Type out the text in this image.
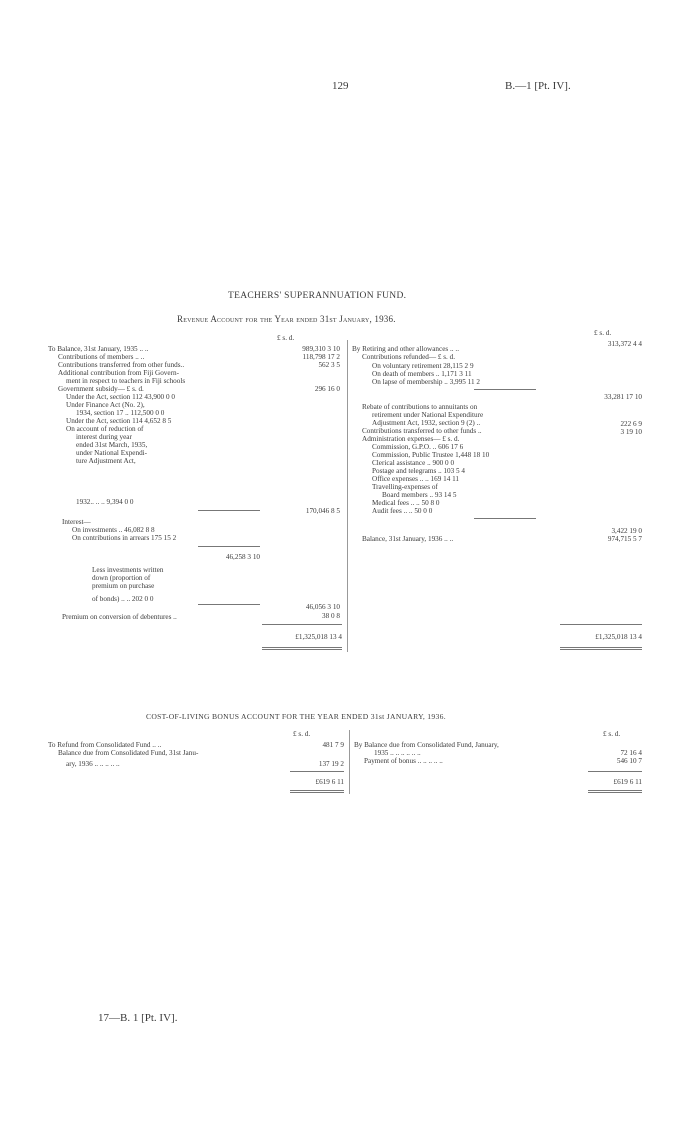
129	B.—1 [Pt. IV].
TEACHERS' SUPERANNUATION FUND.
Revenue Account for the Year ended 31st January, 1936.
£ s. d.
To Balance, 31st January, 1935 .. ..
Contributions of members .. ..
Contributions transferred from other funds..
Additional contribution from Fiji Govern-
ment in respect to teachers in Fiji schools
Government subsidy— £ s. d.
Under the Act, section 112 43,900 0 0
Under Finance Act (No. 2),
1934, section 17 .. 112,500 0 0
Under the Act, section 114 4,652 8 5
On account of reduction of
interest during year
ended 31st March, 1935,
under National Expendi-
ture Adjustment Act,
1932.. .. .. 9,394 0 0
989,310 3 10
118,798 17 2
562 3 5
296 16 0
170,046 8 5
Interest—
On investments .. 46,082 8 8
On contributions in arrears 175 15 2
46,258 3 10
Less investments written
down (proportion of
premium on purchase
of bonds) .. .. 202 0 0
46,056 3 10
Premium on conversion of debentures ..	38 0 8
£1,325,018 13 4
£ s. d.
By Retiring and other allowances .. ..
Contributions refunded— £ s. d.
On voluntary retirement 28,115 2 9
On death of members .. 1,171 3 11
On lapse of membership .. 3,995 11 2
Rebate of contributions to annuitants on
retirement under National Expenditure
Adjustment Act, 1932, section 9 (2) ..
Contributions transferred to other funds ..
Administration expenses— £ s. d.
Commission, G.P.O. .. 606 17 6
Commission, Public Trustee 1,448 18 10
Clerical assistance .. 900 0 0
Postage and telegrams .. 103 5 4
Office expenses .. .. 169 14 11
Travelling-expenses of
Board members .. 93 14 5
Medical fees .. .. 50 8 0
Audit fees .. .. 50 0 0
Balance, 31st January, 1936 .. ..
313,372 4 4
33,281 17 10
222 6 9
3 19 10
3,422 19 0
974,715 5 7
£1,325,018 13 4
COST-OF-LIVING BONUS ACCOUNT FOR THE YEAR ENDED 31st JANUARY, 1936.
£ s. d.
To Refund from Consolidated Fund .. ..
Balance due from Consolidated Fund, 31st Janu-
ary, 1936 .. .. .. .. ..
481 7 9
137 19 2
£619 6 11
£ s. d.
By Balance due from Consolidated Fund, January,
1935 .. .. .. .. .. ..
Payment of bonus .. .. .. .. ..
72 16 4
546 10 7
£619 6 11
17—B. 1 [Pt. IV].
